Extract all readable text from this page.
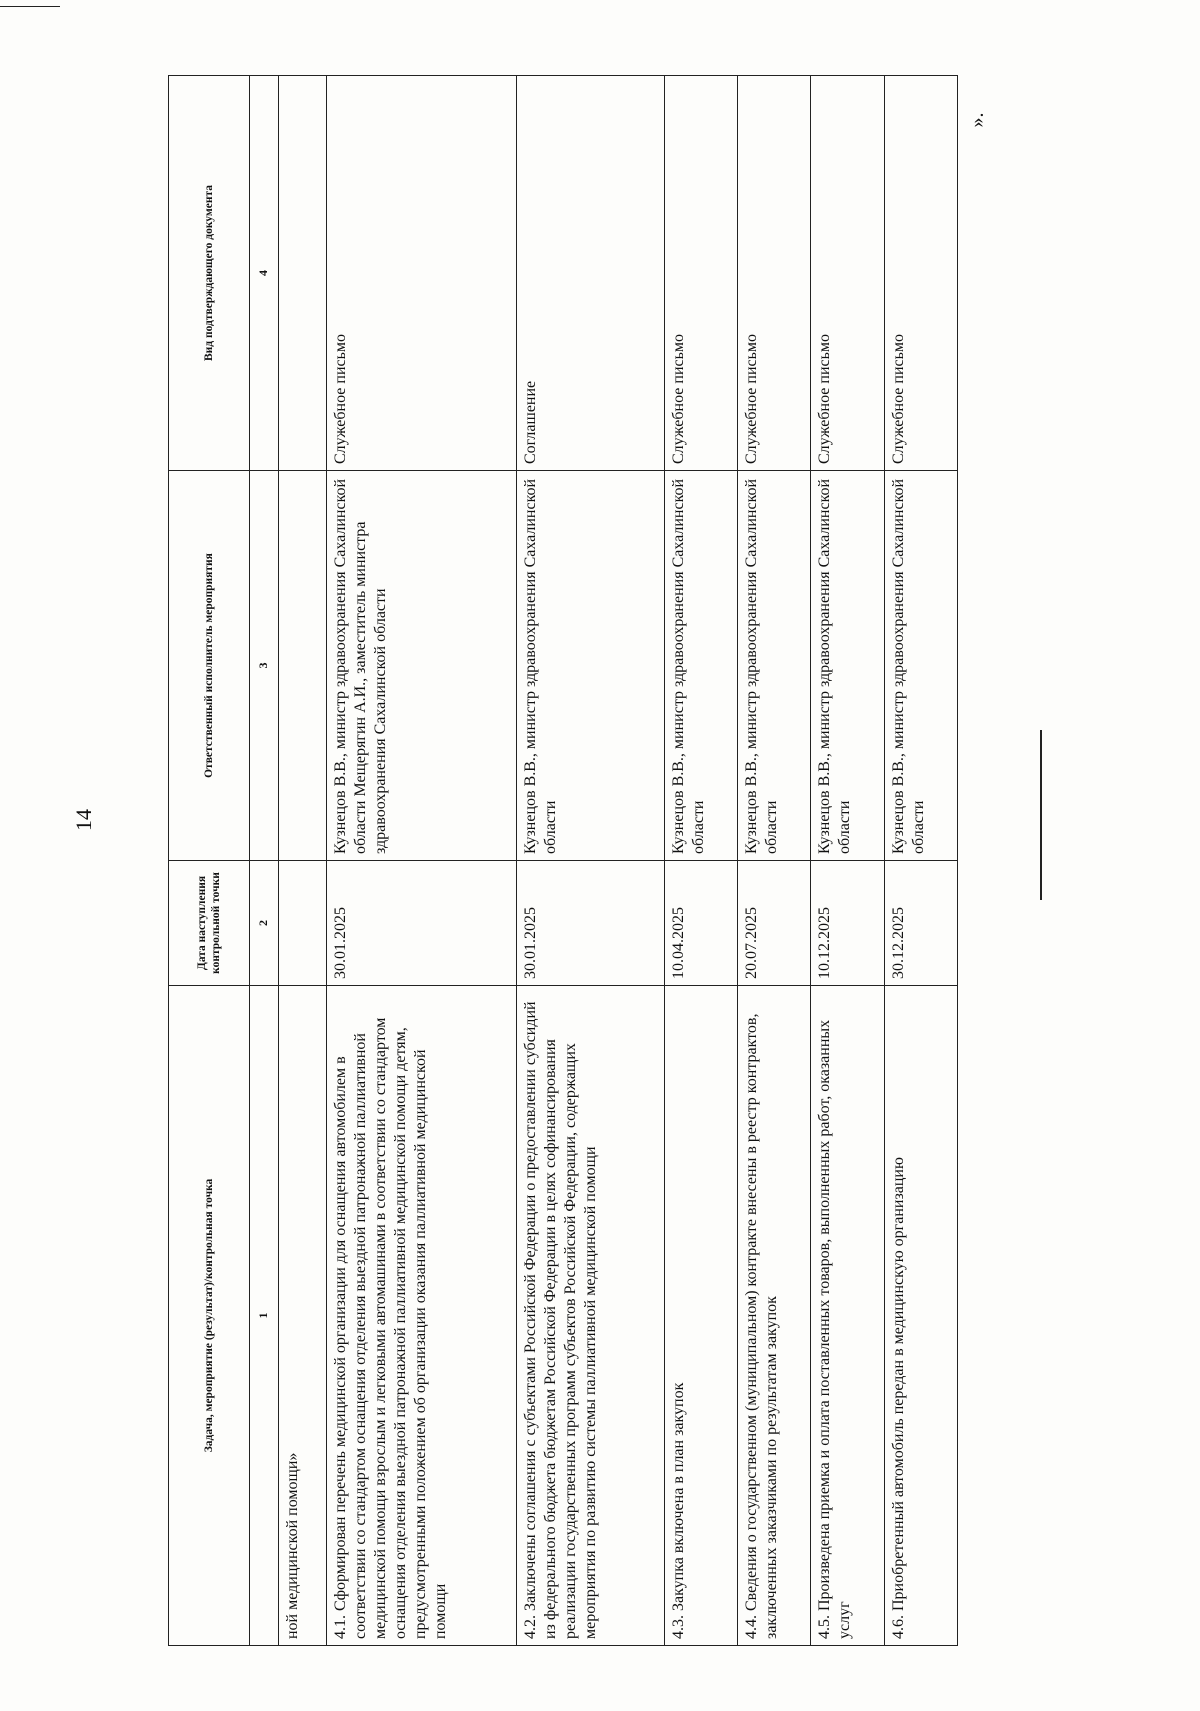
14
».
Задача, мероприятие (результат)/контрольная точка	Дата наступления контрольной точки	Ответственный исполнитель мероприятия	Вид подтверждающего документа
1	2	3	4
ной медицинской помощи»			
4.1. Сформирован перечень медицинской организации для оснащения автомобилем в соответствии со стандартом оснащения отделения выездной патронажной паллиативной медицинской помощи взрослым и легковыми автомашинами в соответствии со стандартом оснащения отделения выездной патронажной паллиативной медицинской помощи детям, предусмотренными положением об организации оказания паллиативной медицинской помощи	30.01.2025	Кузнецов В.В., министр здравоохранения Сахалинской области Мещерягин А.И., заместитель министра здравоохранения Сахалинской области	Служебное письмо
4.2. Заключены соглашения с субъектами Российской Федерации о предоставлении субсидий из федерального бюджета бюджетам Российской Федерации в целях софинансирования реализации государственных программ субъектов Российской Федерации, содержащих мероприятия по развитию системы паллиативной медицинской помощи	30.01.2025	Кузнецов В.В., министр здравоохранения Сахалинской области	Соглашение
4.3. Закупка включена в план закупок	10.04.2025	Кузнецов В.В., министр здравоохранения Сахалинской области	Служебное письмо
4.4. Сведения о государственном (муниципальном) контракте внесены в реестр контрактов, заключенных заказчиками по результатам закупок	20.07.2025	Кузнецов В.В., министр здравоохранения Сахалинской области	Служебное письмо
4.5. Произведена приемка и оплата поставленных товаров, выполненных работ, оказанных услуг	10.12.2025	Кузнецов В.В., министр здравоохранения Сахалинской области	Служебное письмо
4.6. Приобретенный автомобиль передан в медицинскую организацию	30.12.2025	Кузнецов В.В., министр здравоохранения Сахалинской области	Служебное письмо
